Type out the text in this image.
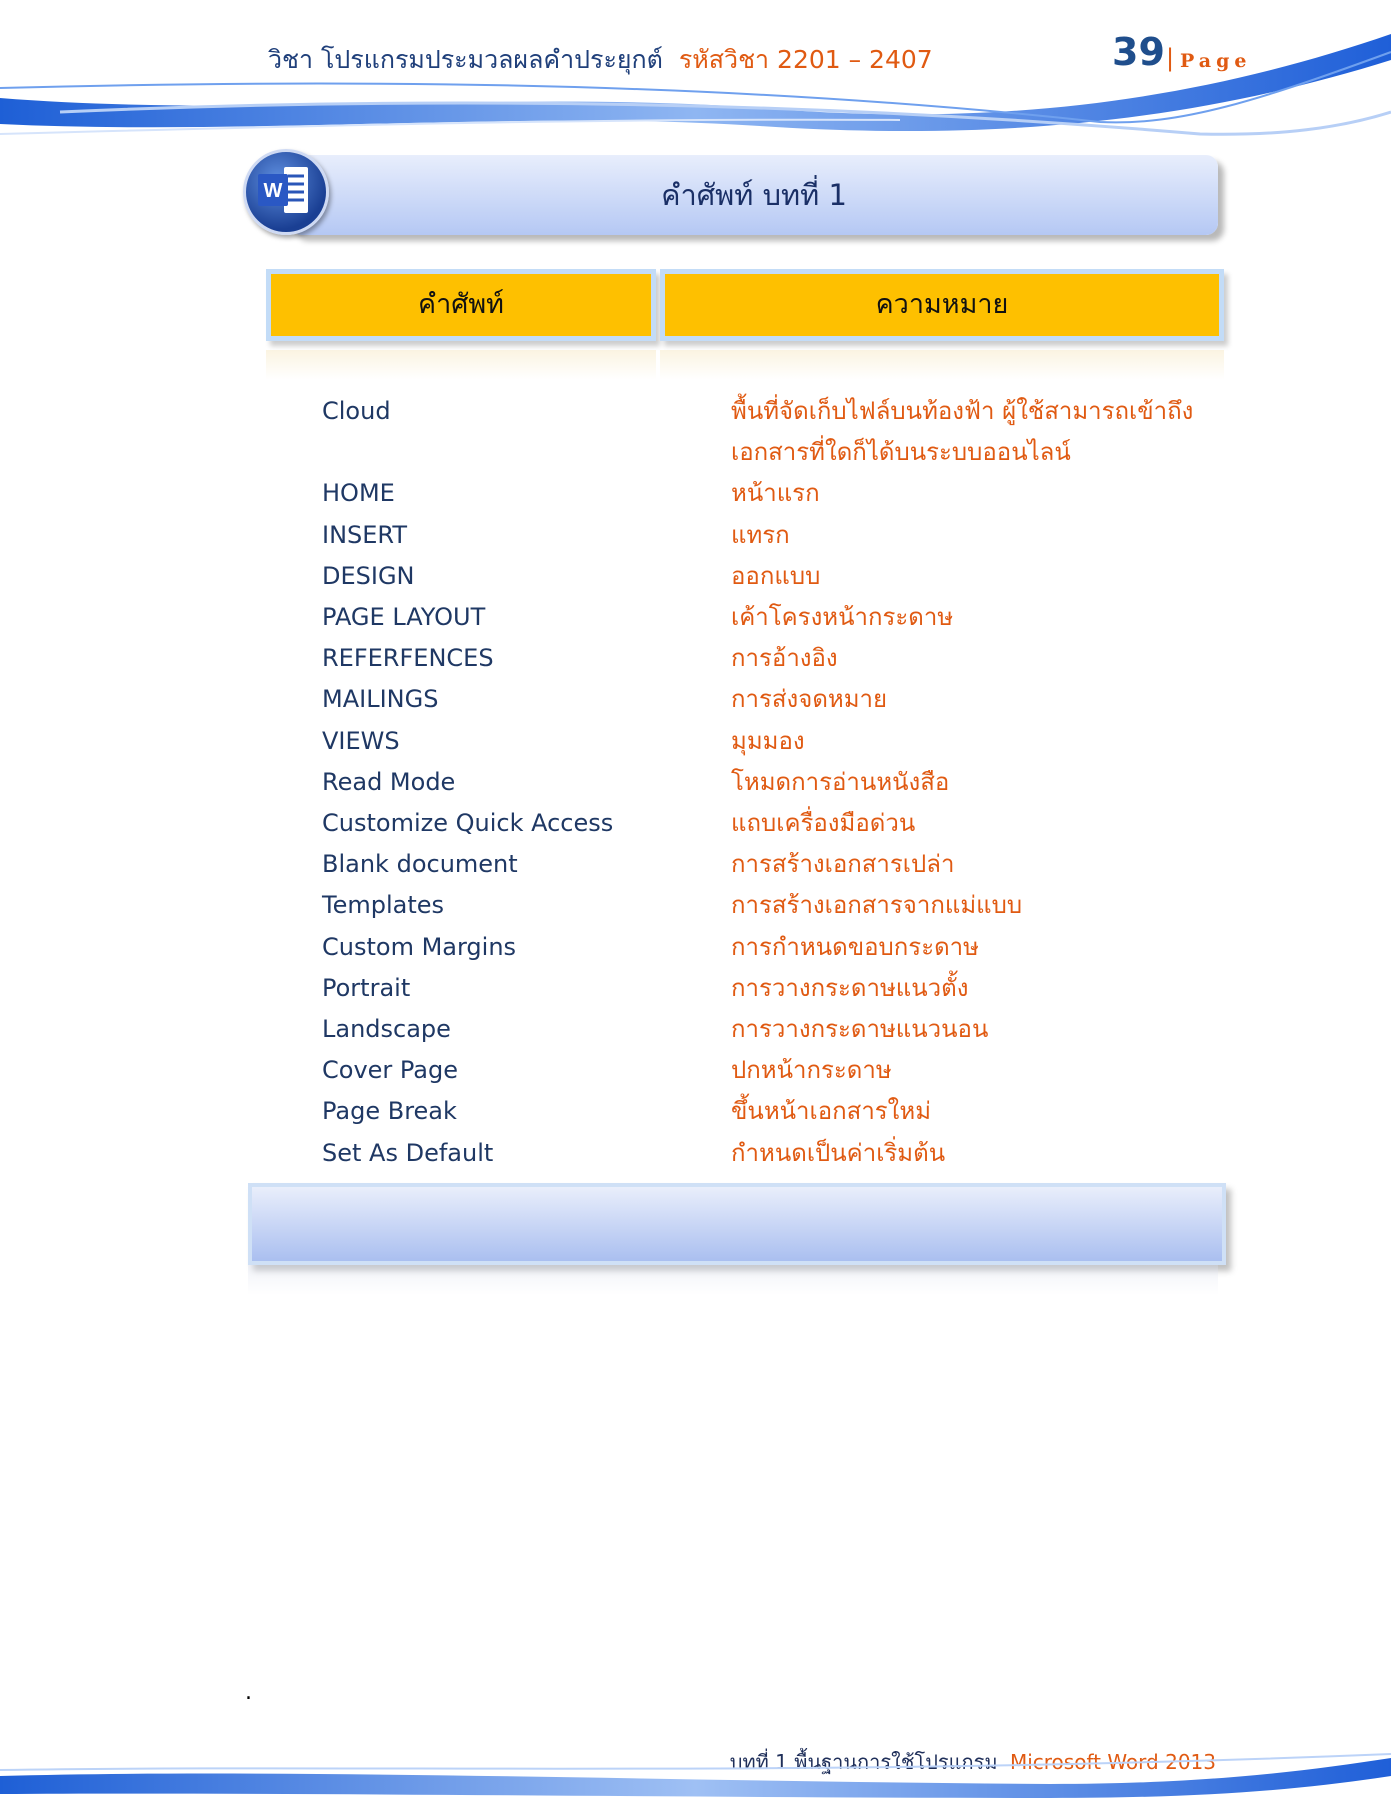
วิชา โปรแกรมประมวลผลคำประยุกต์ รหัสวิชา 2201 – 2407	39 | Page
คำศัพท์ บทที่ 1
W
คำศัพท์	ความหมาย
Cloud	พื้นที่จัดเก็บไฟล์บนท้องฟ้า ผู้ใช้สามารถเข้าถึงเอกสารที่ใดก็ได้บนระบบออนไลน์
HOME	หน้าแรก
INSERT	แทรก
DESIGN	ออกแบบ
PAGE LAYOUT	เค้าโครงหน้ากระดาษ
REFERFENCES	การอ้างอิง
MAILINGS	การส่งจดหมาย
VIEWS	มุมมอง
Read Mode	โหมดการอ่านหนังสือ
Customize Quick Access	แถบเครื่องมือด่วน
Blank document	การสร้างเอกสารเปล่า
Templates	การสร้างเอกสารจากแม่แบบ
Custom Margins	การกำหนดขอบกระดาษ
Portrait	การวางกระดาษแนวตั้ง
Landscape	การวางกระดาษแนวนอน
Cover Page	ปกหน้ากระดาษ
Page Break	ขึ้นหน้าเอกสารใหม่
Set As Default	กำหนดเป็นค่าเริ่มต้น
.
บทที่ 1 พื้นฐานการใช้โปรแกรม Microsoft Word 2013
